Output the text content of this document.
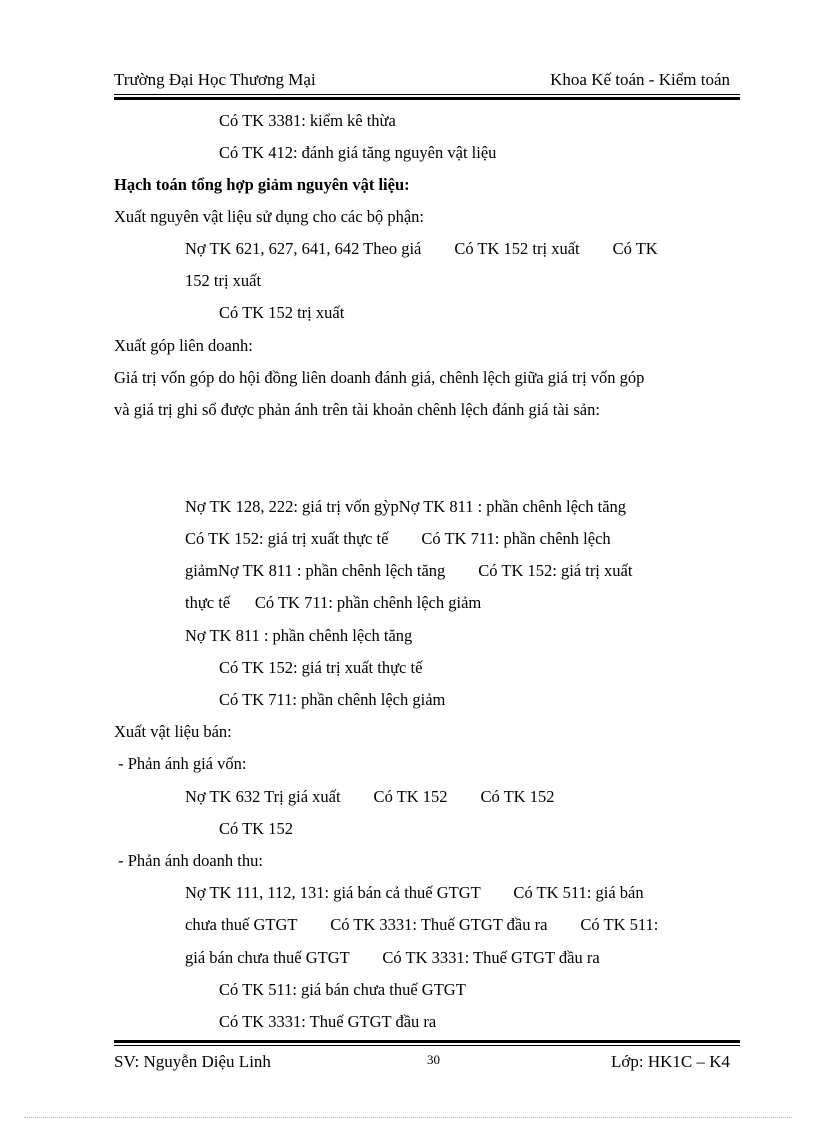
Trường Đại Học Thương Mại	Khoa Kế toán - Kiểm toán
Có TK 3381: kiểm kê thừa
Có TK 412: đánh giá tăng nguyên vật liệu
Hạch toán tổng hợp giảm nguyên vật liệu:
Xuất nguyên vật liệu sử dụng cho các bộ phận:
Nợ TK 621, 627, 641, 642 Theo giá        Có TK 152 trị xuất        Có TK
152 trị xuất
Có TK 152 trị xuất
Xuất góp liên doanh:
Giá trị vốn góp do hội đồng liên doanh đánh giá, chênh lệch giữa giá trị vốn góp
và giá trị ghi sổ được phản ánh trên tài khoản chênh lệch đánh giá tài sản:
Nợ TK 128, 222: giá trị vốn gỳpNợ TK 811 : phần chênh lệch tăng
Có TK 152: giá trị xuất thực tế        Có TK 711: phần chênh lệch
giảmNợ TK 811 : phần chênh lệch tăng        Có TK 152: giá trị xuất
thực tế      Có TK 711: phần chênh lệch giảm
Nợ TK 811 : phần chênh lệch tăng
Có TK 152: giá trị xuất thực tế
Có TK 711: phần chênh lệch giảm
Xuất vật liệu bán:
- Phản ánh giá vốn:
Nợ TK 632 Trị giá xuất        Có TK 152        Có TK 152
Có TK 152
- Phản ánh doanh thu:
Nợ TK 111, 112, 131: giá bán cả thuế GTGT        Có TK 511: giá bán
chưa thuế GTGT        Có TK 3331: Thuế GTGT đầu ra        Có TK 511:
giá bán chưa thuế GTGT        Có TK 3331: Thuế GTGT đầu ra
Có TK 511: giá bán chưa thuế GTGT
Có TK 3331: Thuế GTGT đầu ra
SV: Nguyễn Diệu Linh	30	Lớp: HK1C – K4
